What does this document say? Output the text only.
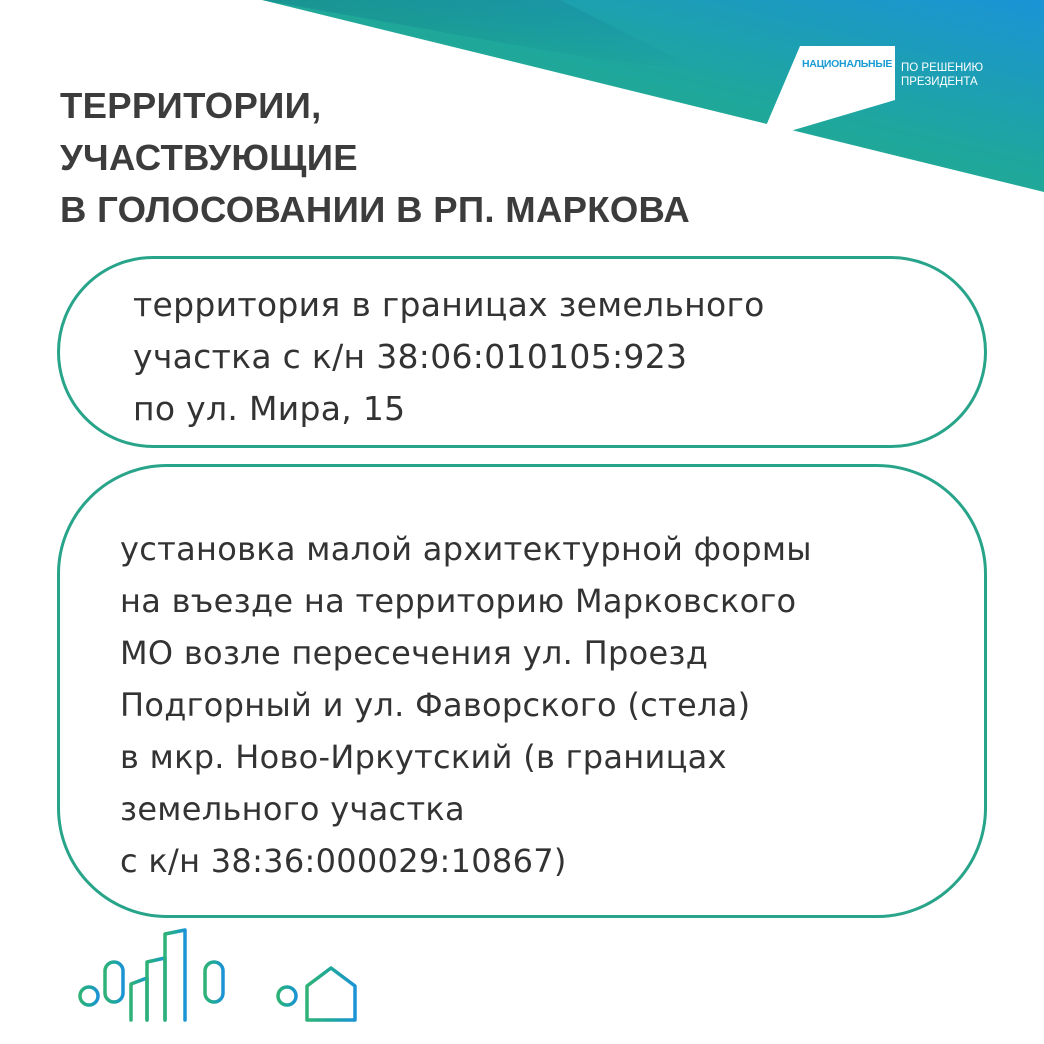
НАЦИОНАЛЬНЫЕ
ПРОЕКТЫ
РОССИИ
ПО РЕШЕНИЮ
ПРЕЗИДЕНТА
ТЕРРИТОРИИ,
УЧАСТВУЮЩИЕ
В ГОЛОСОВАНИИ В РП. МАРКОВА
территория в границах земельного
участка с к/н 38:06:010105:923
по ул. Мира, 15
установка малой архитектурной формы
на въезде на территорию Марковского
МО возле пересечения ул. Проезд
Подгорный и ул. Фаворского (стела)
в мкр. Ново-Иркутский (в границах
земельного участка
с к/н 38:36:000029:10867)
